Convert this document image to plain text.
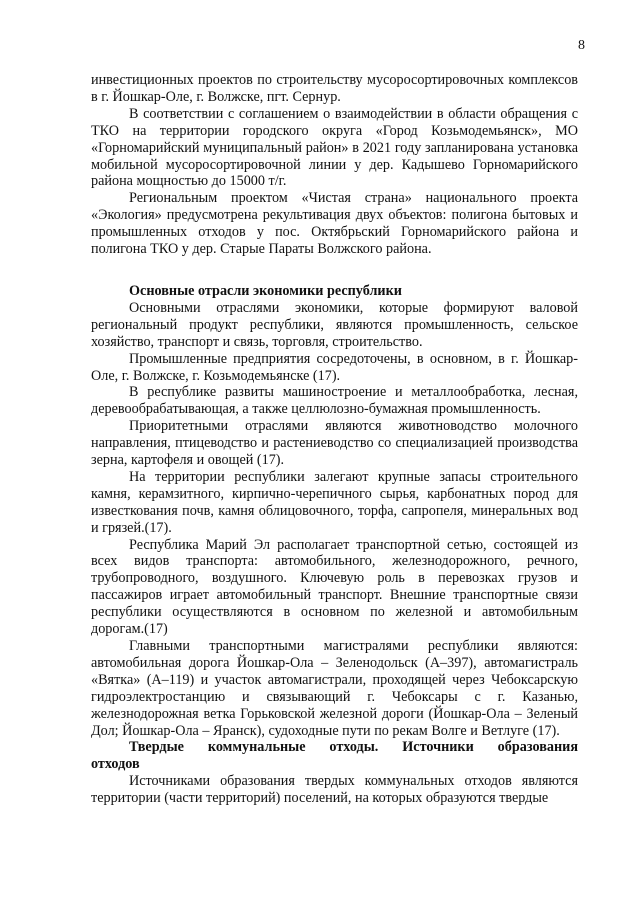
8

инвестиционных проектов по строительству мусоросортировочных комплексов в г. Йошкар-Оле, г. Волжске, пгт. Сернур.

В соответствии с соглашением о взаимодействии в области обращения с ТКО на территории городского округа «Город Козьмодемьянск», МО «Горномарийский муниципальный район» в 2021 году запланирована установка мобильной мусоросортировочной линии у дер. Кадышево Горномарийского района мощностью до 15000 т/г.

Региональным проектом «Чистая страна» национального проекта «Экология» предусмотрена рекультивация двух объектов: полигона бытовых и промышленных отходов у пос. Октябрьский Горномарийского района и полигона ТКО у дер. Старые Параты Волжского района.

Основные отрасли экономики республики

Основными отраслями экономики, которые формируют валовой региональный продукт республики, являются промышленность, сельское хозяйство, транспорт и связь, торговля, строительство.

Промышленные предприятия сосредоточены, в основном, в г. Йошкар-Оле, г. Волжске, г. Козьмодемьянске (17).

В республике развиты машиностроение и металлообработка, лесная, деревообрабатывающая, а также целлюлозно-бумажная промышленность.

Приоритетными отраслями являются животноводство молочного направления, птицеводство и растениеводство со специализацией производства зерна, картофеля и овощей (17).

На территории республики залегают крупные запасы строительного камня, керамзитного, кирпично-черепичного сырья, карбонатных пород для известкования почв, камня облицовочного, торфа, сапропеля, минеральных вод и грязей.(17).

Республика Марий Эл располагает транспортной сетью, состоящей из всех видов транспорта: автомобильного, железнодорожного, речного, трубопроводного, воздушного. Ключевую роль в перевозках грузов и пассажиров играет автомобильный транспорт. Внешние транспортные связи республики осуществляются в основном по железной и автомобильным дорогам.(17)

Главными транспортными магистралями республики являются: автомобильная дорога Йошкар-Ола – Зеленодольск (А–397), автомагистраль «Вятка» (А–119) и участок автомагистрали, проходящей через Чебоксарскую гидроэлектростанцию и связывающий г. Чебоксары с г. Казанью, железнодорожная ветка Горьковской железной дороги (Йошкар-Ола – Зеленый Дол; Йошкар-Ола – Яранск), судоходные пути по рекам Волге и Ветлуге (17).

Твердые коммунальные отходы. Источники образования

отходов

Источниками образования твердых коммунальных отходов являются территории (части территорий) поселений, на которых образуются твердые
